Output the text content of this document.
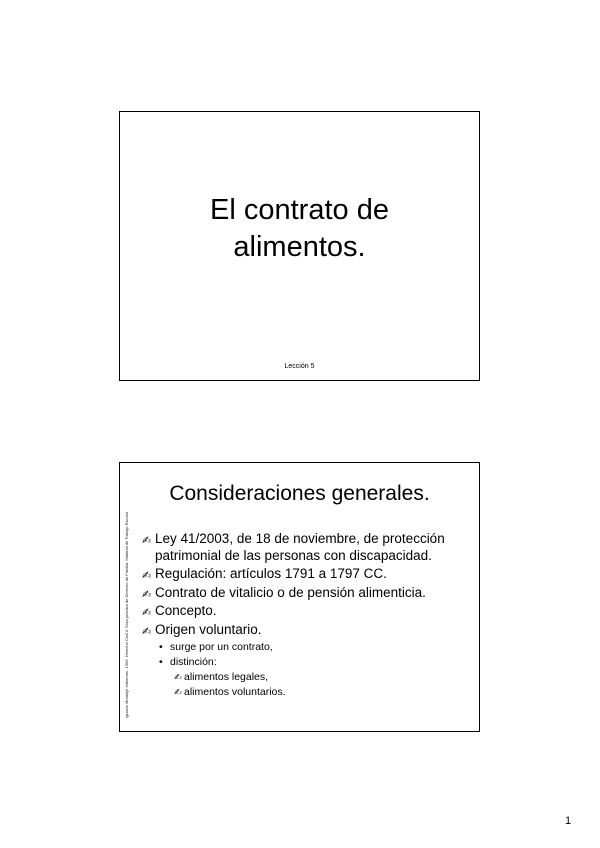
El contrato de
alimentos.
Lección 5
Consideraciones generales.
Ignacio Moralejo Imbernón. 1999. Derecho Civil II. Guía práctica de Derecho de Familia. Material de Trabajo Escolar ✍ Ley 41/2003, de 18 de noviembre, de protección
patrimonial de las personas con discapacidad.
✍ Regulación: artículos 1791 a 1797 CC.
✍ Contrato de vitalicio o de pensión alimenticia.
✍ Concepto.
✍ Origen voluntario.
• surge por un contrato,
• distinción:
✍ alimentos legales,
✍ alimentos voluntarios.
1
